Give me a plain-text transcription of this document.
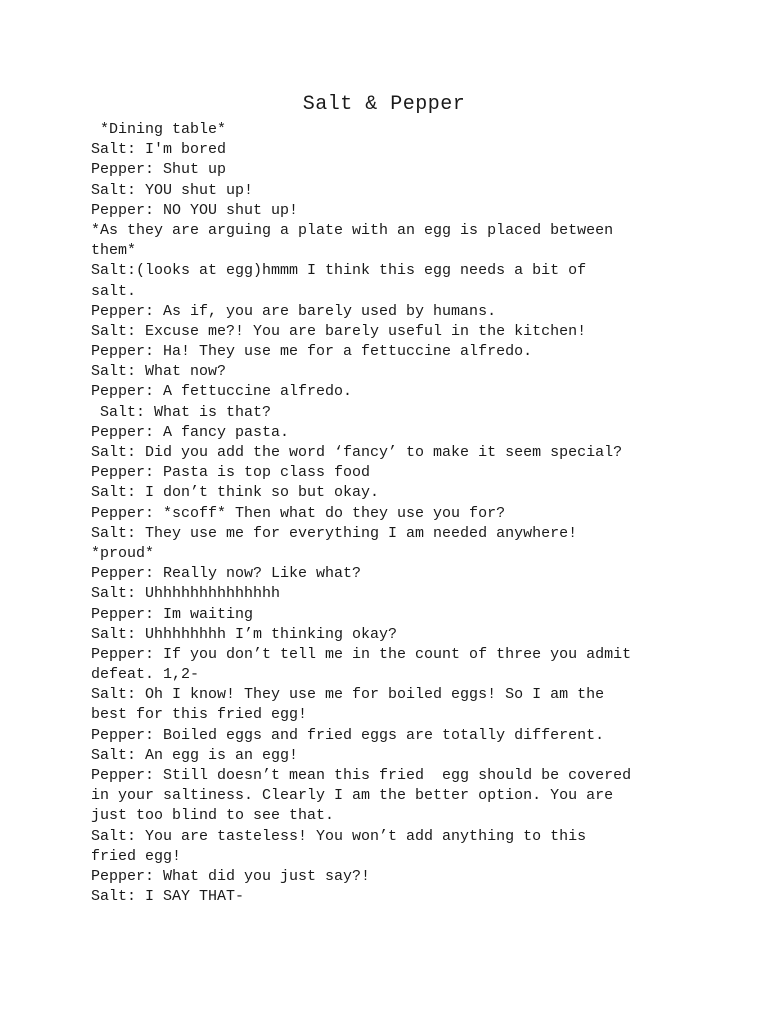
Salt & Pepper
*Dining table*
Salt: I'm bored
Pepper: Shut up
Salt: YOU shut up!
Pepper: NO YOU shut up!
*As they are arguing a plate with an egg is placed between
them*
Salt:(looks at egg)hmmm I think this egg needs a bit of
salt.
Pepper: As if, you are barely used by humans.
Salt: Excuse me?! You are barely useful in the kitchen!
Pepper: Ha! They use me for a fettuccine alfredo.
Salt: What now?
Pepper: A fettuccine alfredo.
Salt: What is that?
Pepper: A fancy pasta.
Salt: Did you add the word ‘fancy’ to make it seem special?
Pepper: Pasta is top class food
Salt: I don’t think so but okay.
Pepper: *scoff* Then what do they use you for?
Salt: They use me for everything I am needed anywhere!
*proud*
Pepper: Really now? Like what?
Salt: Uhhhhhhhhhhhhhh
Pepper: Im waiting
Salt: Uhhhhhhhh I’m thinking okay?
Pepper: If you don’t tell me in the count of three you admit
defeat. 1,2-
Salt: Oh I know! They use me for boiled eggs! So I am the
best for this fried egg!
Pepper: Boiled eggs and fried eggs are totally different.
Salt: An egg is an egg!
Pepper: Still doesn’t mean this fried  egg should be covered
in your saltiness. Clearly I am the better option. You are
just too blind to see that.
Salt: You are tasteless! You won’t add anything to this
fried egg!
Pepper: What did you just say?!
Salt: I SAY THAT-
